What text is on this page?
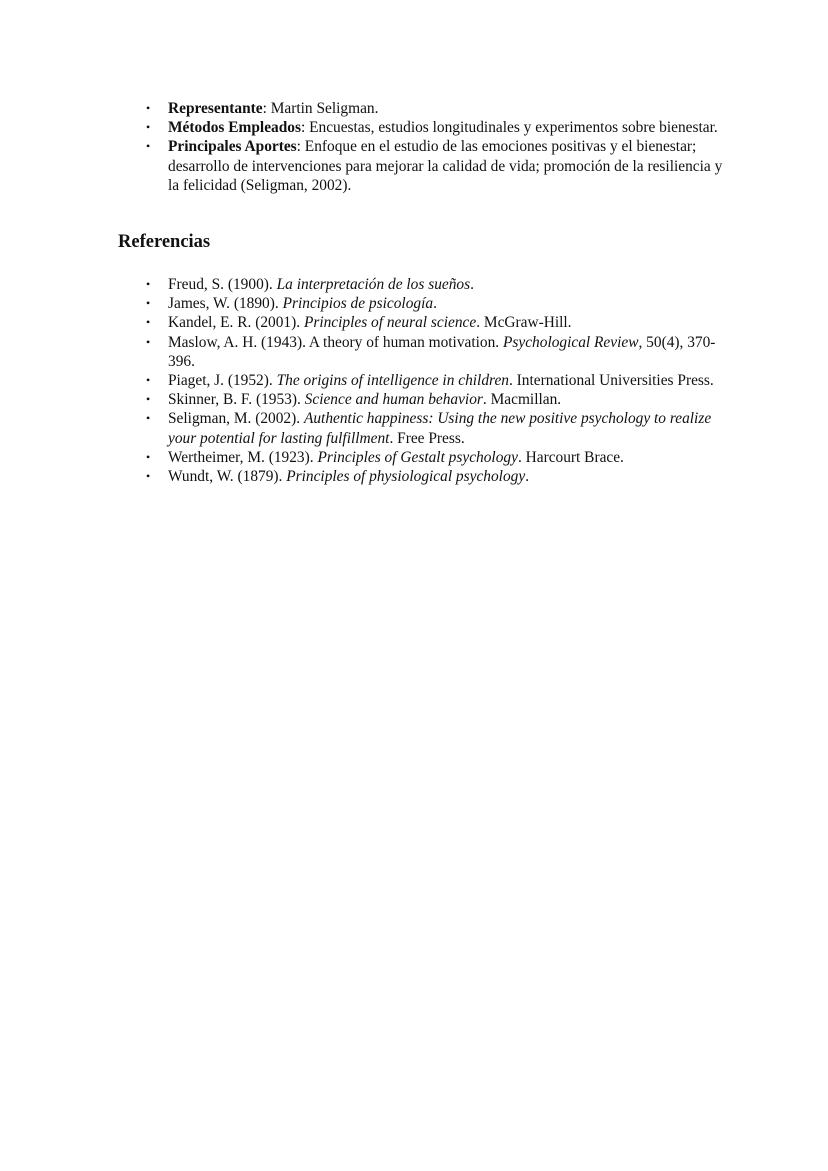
• Representante: Martin Seligman.
• Métodos Empleados: Encuestas, estudios longitudinales y experimentos sobre bienestar.
• Principales Aportes: Enfoque en el estudio de las emociones positivas y el bienestar; desarrollo de intervenciones para mejorar la calidad de vida; promoción de la resiliencia y la felicidad (Seligman, 2002).
Referencias
• Freud, S. (1900). La interpretación de los sueños.
• James, W. (1890). Principios de psicología.
• Kandel, E. R. (2001). Principles of neural science. McGraw-Hill.
• Maslow, A. H. (1943). A theory of human motivation. Psychological Review, 50(4), 370-396.
• Piaget, J. (1952). The origins of intelligence in children. International Universities Press.
• Skinner, B. F. (1953). Science and human behavior. Macmillan.
• Seligman, M. (2002). Authentic happiness: Using the new positive psychology to realize your potential for lasting fulfillment. Free Press.
• Wertheimer, M. (1923). Principles of Gestalt psychology. Harcourt Brace.
• Wundt, W. (1879). Principles of physiological psychology.
